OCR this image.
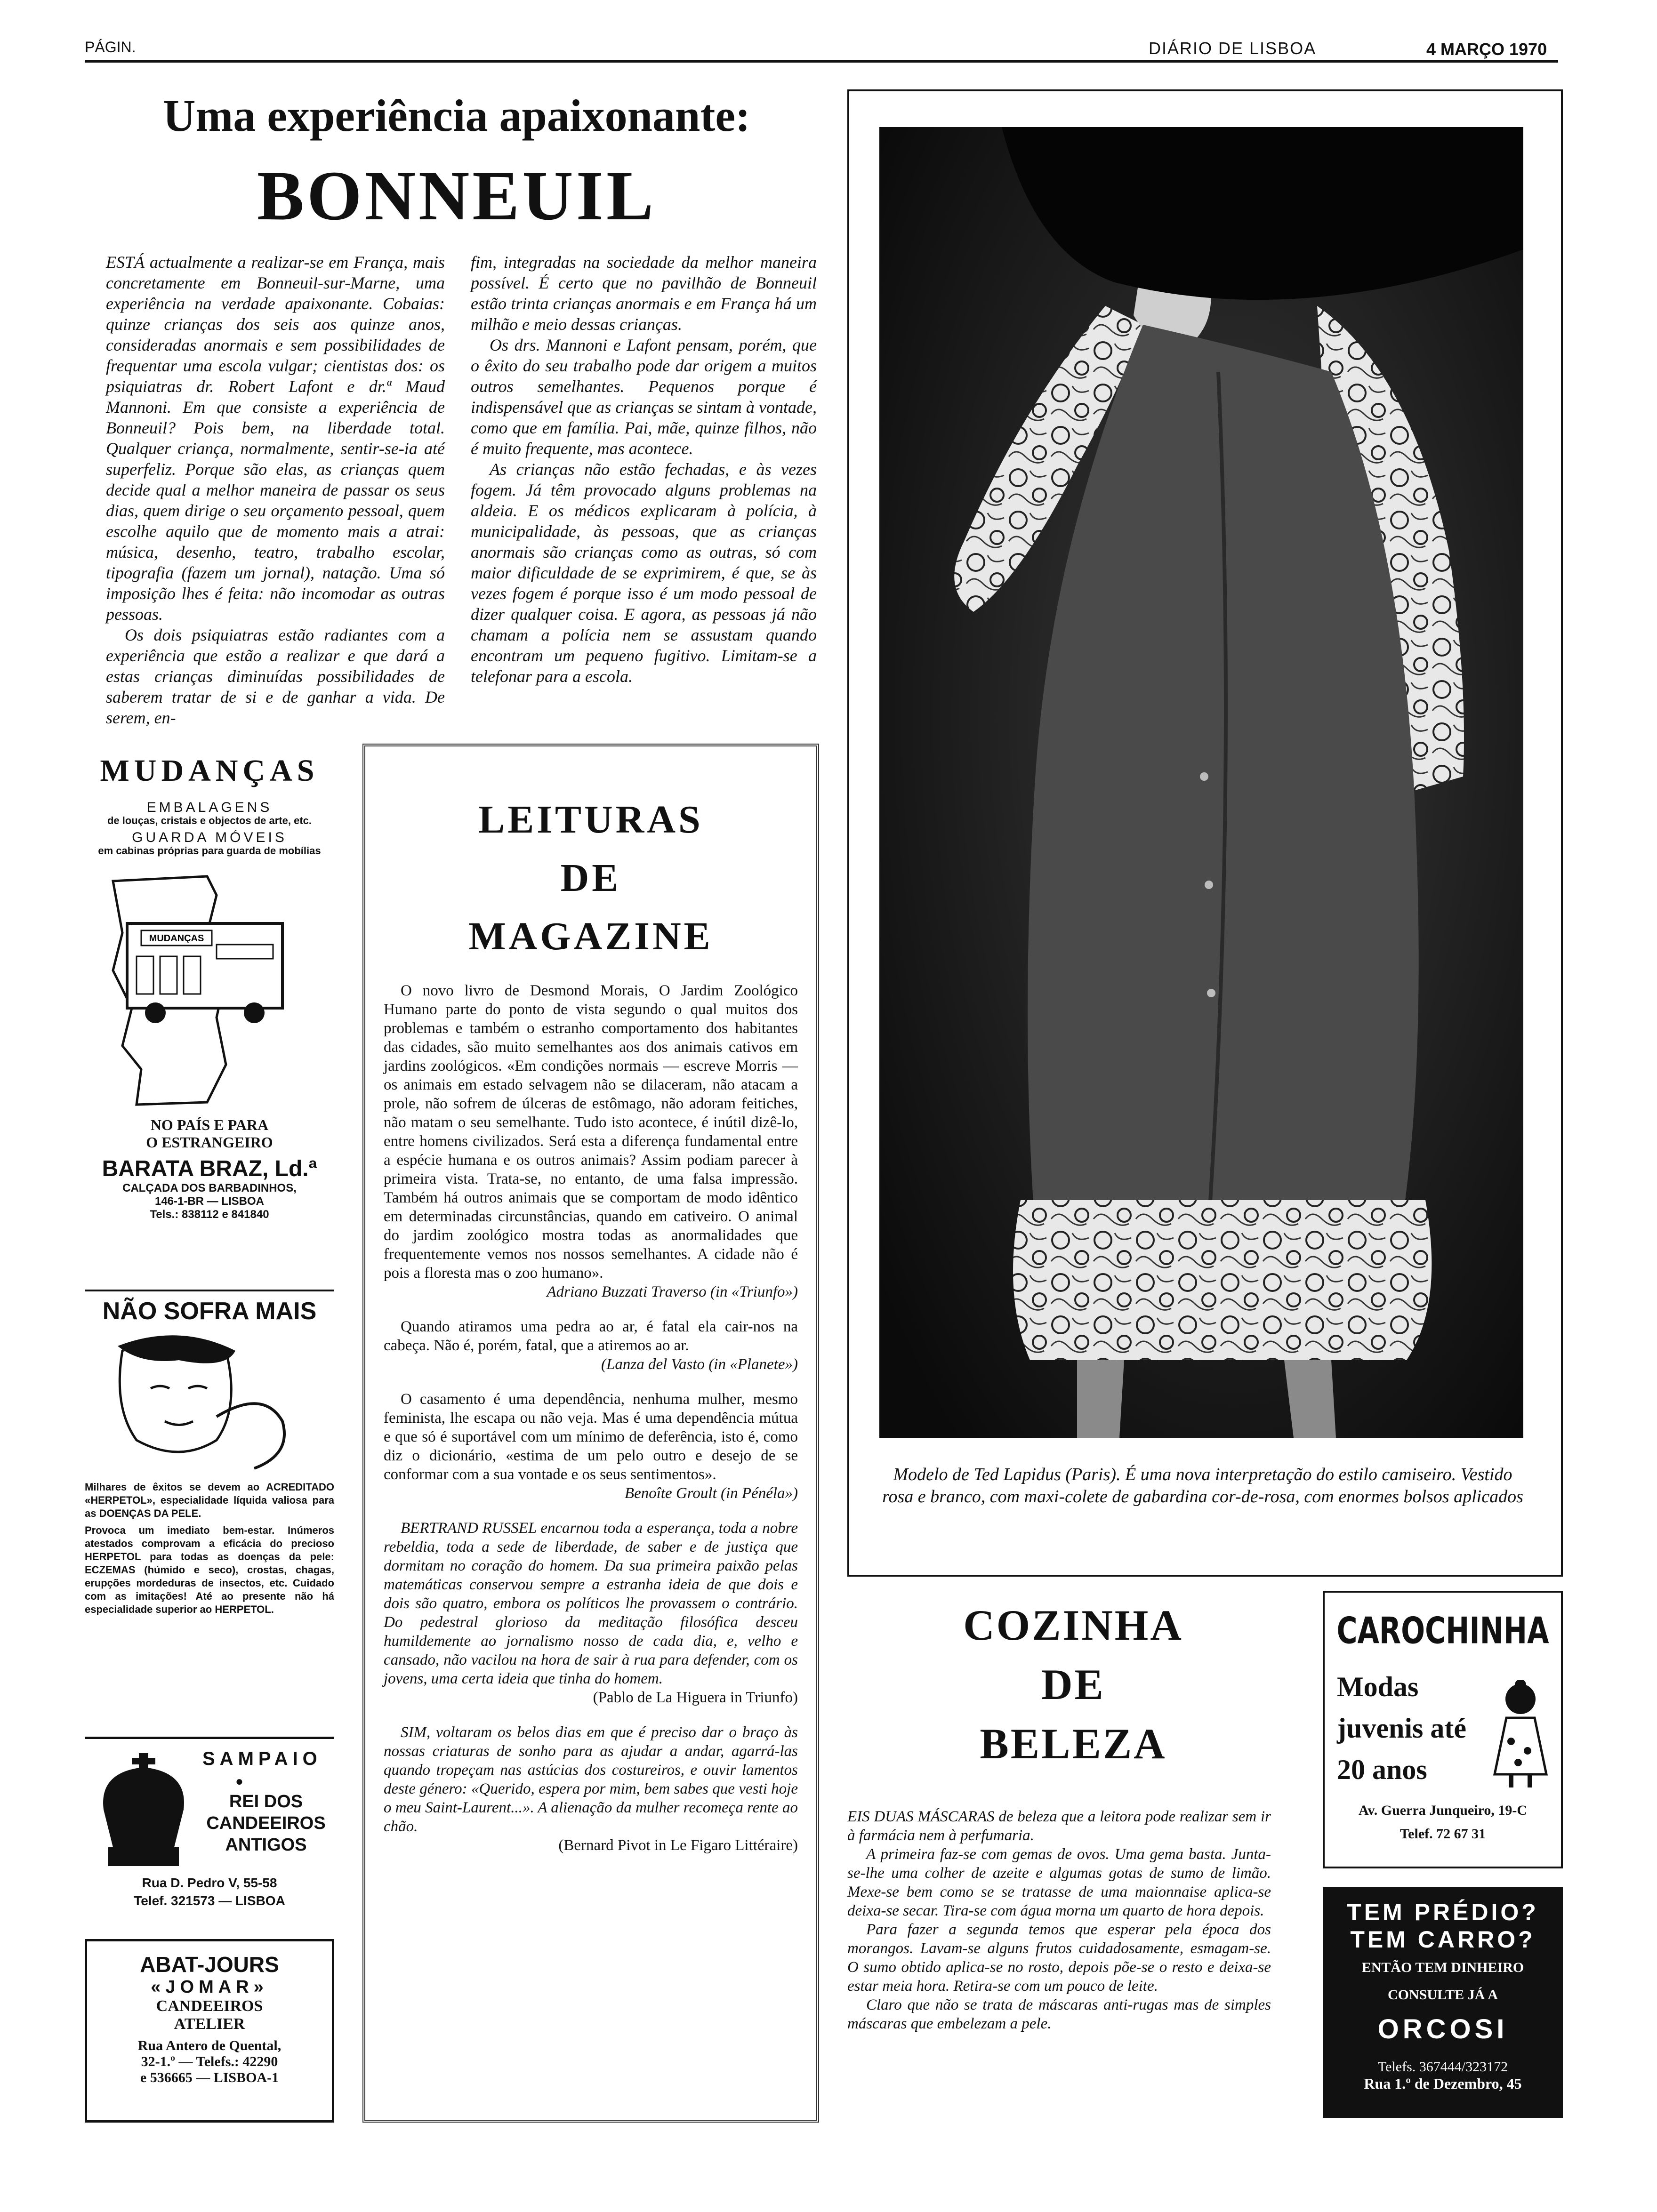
PÁGIN.	DIÁRIO DE LISBOA	4 MARÇO 1970
Uma experiência apaixonante:
BONNEUIL

ESTÁ actualmente a realizar-se em França, mais concretamente em Bonneuil-sur-Marne, uma experiência na verdade apaixonante. Cobaias: quinze crianças dos seis aos quinze anos, consideradas anormais e sem possibilidades de frequentar uma escola vulgar; cientistas dos: os psiquiatras dr. Robert Lafont e dr.ª Maud Mannoni. Em que consiste a experiência de Bonneuil? Pois bem, na liberdade total. Qualquer criança, normalmente, sentir-se-ia até superfeliz. Porque são elas, as crianças quem decide qual a melhor maneira de passar os seus dias, quem dirige o seu orçamento pessoal, quem escolhe aquilo que de momento mais a atrai: música, desenho, teatro, trabalho escolar, tipografia (fazem um jornal), natação. Uma só imposição lhes é feita: não incomodar as outras pessoas.

Os dois psiquiatras estão radiantes com a experiência que estão a realizar e que dará a estas crianças diminuídas possibilidades de saberem tratar de si e de ganhar a vida. De serem, en-

fim, integradas na sociedade da melhor maneira possível. É certo que no pavilhão de Bonneuil estão trinta crianças anormais e em França há um milhão e meio dessas crianças.

Os drs. Mannoni e Lafont pensam, porém, que o êxito do seu trabalho pode dar origem a muitos outros semelhantes. Pequenos porque é indispensável que as crianças se sintam à vontade, como que em família. Pai, mãe, quinze filhos, não é muito frequente, mas acontece.

As crianças não estão fechadas, e às vezes fogem. Já têm provocado alguns problemas na aldeia. E os médicos explicaram à polícia, à municipalidade, às pessoas, que as crianças anormais são crianças como as outras, só com maior dificuldade de se exprimirem, é que, se às vezes fogem é porque isso é um modo pessoal de dizer qualquer coisa. E agora, as pessoas já não chamam a polícia nem se assustam quando encontram um pequeno fugitivo. Limitam-se a telefonar para a escola.

Modelo de Ted Lapidus (Paris). É uma nova interpretação do estilo camiseiro. Vestido rosa e branco, com maxi-colete de gabardina cor-de-rosa, com enormes bolsos aplicados
MUDANÇAS
EMBALAGENS
de louças, cristais e objectos de arte, etc.
GUARDA MÓVEIS
em cabinas próprias para guarda de mobílias
MUDANÇAS
NO PAÍS E PARA
O ESTRANGEIRO
BARATA BRAZ, Ld.ª
CALÇADA DOS BARBADINHOS,
146-1-BR — LISBOA
Tels.: 838112 e 841840
NÃO SOFRA MAIS
Milhares de êxitos se devem ao ACREDITADO «HERPETOL», especialidade líquida valiosa para as DOENÇAS DA PELE.
Provoca um imediato bem-estar. Inúmeros atestados comprovam a eficácia do precioso HERPETOL para todas as doenças da pele: ECZEMAS (húmido e seco), crostas, chagas, erupções mordeduras de insectos, etc. Cuidado com as imitações! Até ao presente não há especialidade superior ao HERPETOL.
SAMPAIO
●
REI DOS
CANDEEIROS
ANTIGOS
Rua D. Pedro V, 55-58
Telef. 321573 — LISBOA
ABAT-JOURS
«JOMAR»
CANDEEIROS
ATELIER
Rua Antero de Quental,
32-1.º — Telefs.: 42290
e 536665 — LISBOA-1
LEITURAS
DE
MAGAZINE

O novo livro de Desmond Morais, O Jardim Zoológico Humano parte do ponto de vista segundo o qual muitos dos problemas e também o estranho comportamento dos habitantes das cidades, são muito semelhantes aos dos animais cativos em jardins zoológicos. «Em condições normais — escreve Morris — os animais em estado selvagem não se dilaceram, não atacam a prole, não sofrem de úlceras de estômago, não adoram feitiches, não matam o seu semelhante. Tudo isto acontece, é inútil dizê-lo, entre homens civilizados. Será esta a diferença fundamental entre a espécie humana e os outros animais? Assim podiam parecer à primeira vista. Trata-se, no entanto, de uma falsa impressão. Também há outros animais que se comportam de modo idêntico em determinadas circunstâncias, quando em cativeiro. O animal do jardim zoológico mostra todas as anormalidades que frequentemente vemos nos nossos semelhantes. A cidade não é pois a floresta mas o zoo humano».

Adriano Buzzati Traverso (in «Triunfo»)

Quando atiramos uma pedra ao ar, é fatal ela cair-nos na cabeça. Não é, porém, fatal, que a atiremos ao ar.

(Lanza del Vasto (in «Planete»)

O casamento é uma dependência, nenhuma mulher, mesmo feminista, lhe escapa ou não veja. Mas é uma dependência mútua e que só é suportável com um mínimo de deferência, isto é, como diz o dicionário, «estima de um pelo outro e desejo de se conformar com a sua vontade e os seus sentimentos».

Benoîte Groult (in Pénéla»)

BERTRAND RUSSEL encarnou toda a esperança, toda a nobre rebeldia, toda a sede de liberdade, de saber e de justiça que dormitam no coração do homem. Da sua primeira paixão pelas matemáticas conservou sempre a estranha ideia de que dois e dois são quatro, embora os políticos lhe provassem o contrário. Do pedestral glorioso da meditação filosófica desceu humildemente ao jornalismo nosso de cada dia, e, velho e cansado, não vacilou na hora de sair à rua para defender, com os jovens, uma certa ideia que tinha do homem.

(Pablo de La Higuera in Triunfo)

SIM, voltaram os belos dias em que é preciso dar o braço às nossas criaturas de sonho para as ajudar a andar, agarrá-las quando tropeçam nas astúcias dos costureiros, e ouvir lamentos deste género: «Querido, espera por mim, bem sabes que vesti hoje o meu Saint-Laurent...». A alienação da mulher recomeça rente ao chão.

(Bernard Pivot in Le Figaro Littéraire)
COZINHA
DE
BELEZA

EIS DUAS MÁSCARAS de beleza que a leitora pode realizar sem ir à farmácia nem à perfumaria.

A primeira faz-se com gemas de ovos. Uma gema basta. Junta-se-lhe uma colher de azeite e algumas gotas de sumo de limão. Mexe-se bem como se se tratasse de uma maionnaise aplica-se deixa-se secar. Tira-se com água morna um quarto de hora depois.

Para fazer a segunda temos que esperar pela época dos morangos. Lavam-se alguns frutos cuidadosamente, esmagam-se. O sumo obtido aplica-se no rosto, depois põe-se o resto e deixa-se estar meia hora. Retira-se com um pouco de leite.

Claro que não se trata de máscaras anti-rugas mas de simples máscaras que embelezam a pele.

CAROCHINHA
Modas
juvenis até
20 anos
Av. Guerra Junqueiro, 19-C
Telef. 72 67 31
TEM PRÉDIO?
TEM CARRO?
ENTÃO TEM DINHEIRO
CONSULTE JÁ A
ORCOSI
Telefs. 367444/323172
Rua 1.º de Dezembro, 45
